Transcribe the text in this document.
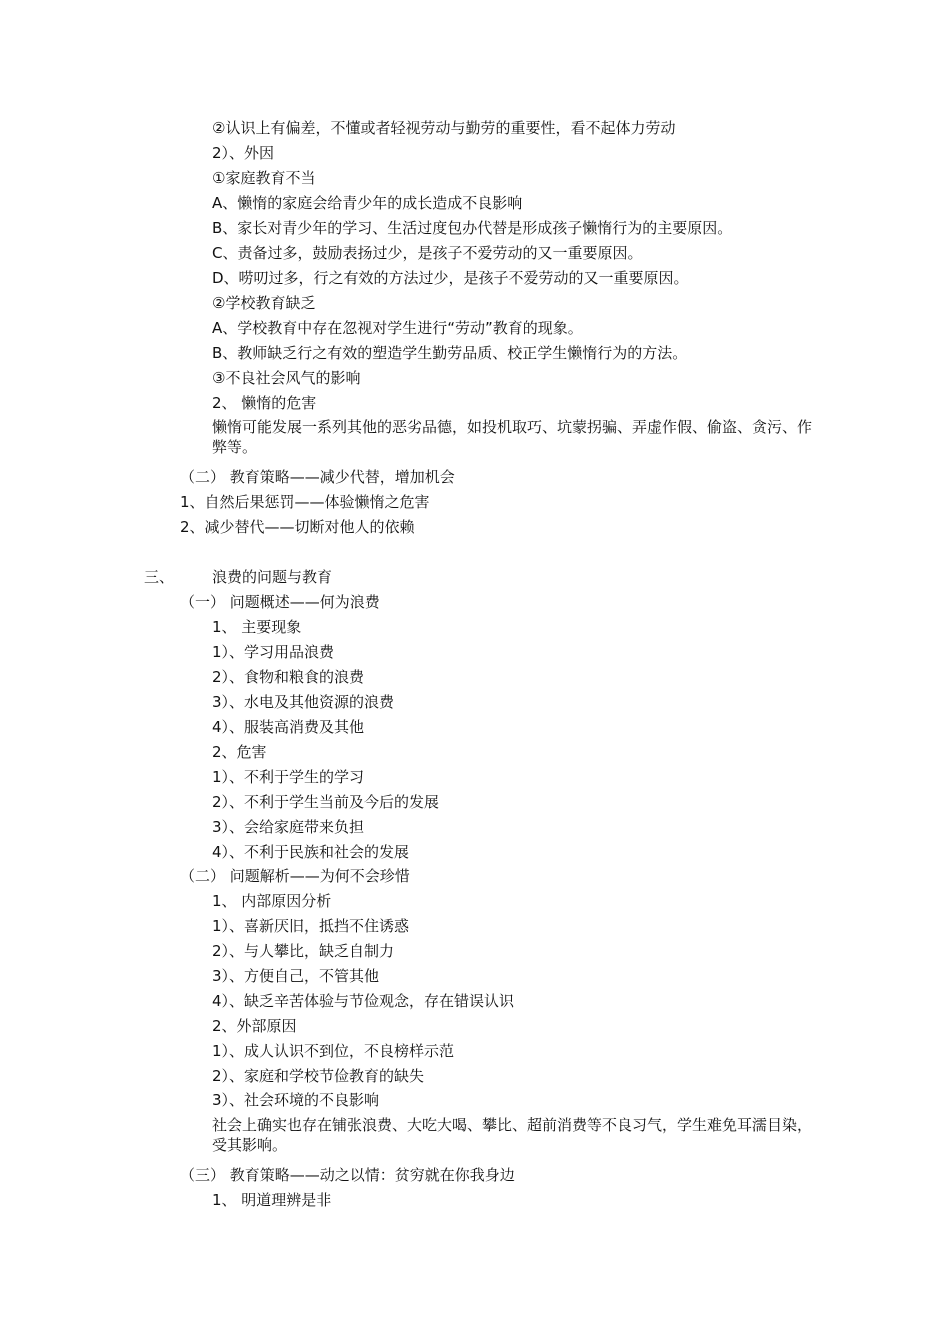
②认识上有偏差，不懂或者轻视劳动与勤劳的重要性，看不起体力劳动
2）、外因
①家庭教育不当
A、懒惰的家庭会给青少年的成长造成不良影响
B、家长对青少年的学习、生活过度包办代替是形成孩子懒惰行为的主要原因。
C、责备过多，鼓励表扬过少，是孩子不爱劳动的又一重要原因。
D、唠叨过多，行之有效的方法过少，是孩子不爱劳动的又一重要原因。
②学校教育缺乏
A、学校教育中存在忽视对学生进行“劳动”教育的现象。
B、教师缺乏行之有效的塑造学生勤劳品质、校正学生懒惰行为的方法。
③不良社会风气的影响
2、 懒惰的危害
懒惰可能发展一系列其他的恶劣品德，如投机取巧、坑蒙拐骗、弄虚作假、偷盗、贪污、作弊等。
（二） 教育策略——减少代替，增加机会
1、自然后果惩罚——体验懒惰之危害
2、减少替代——切断对他人的依赖
三、	浪费的问题与教育
（一） 问题概述——何为浪费
1、 主要现象
1）、学习用品浪费
2）、食物和粮食的浪费
3）、水电及其他资源的浪费
4）、服装高消费及其他
2、危害
1）、不利于学生的学习
2）、不利于学生当前及今后的发展
3）、会给家庭带来负担
4）、不利于民族和社会的发展
（二） 问题解析——为何不会珍惜
1、 内部原因分析
1）、喜新厌旧，抵挡不住诱惑
2）、与人攀比，缺乏自制力
3）、方便自己，不管其他
4）、缺乏辛苦体验与节俭观念，存在错误认识
2、外部原因
1）、成人认识不到位，不良榜样示范
2）、家庭和学校节俭教育的缺失
3）、社会环境的不良影响
社会上确实也存在铺张浪费、大吃大喝、攀比、超前消费等不良习气，学生难免耳濡目染，受其影响。
（三） 教育策略——动之以情：贫穷就在你我身边
1、 明道理辨是非
